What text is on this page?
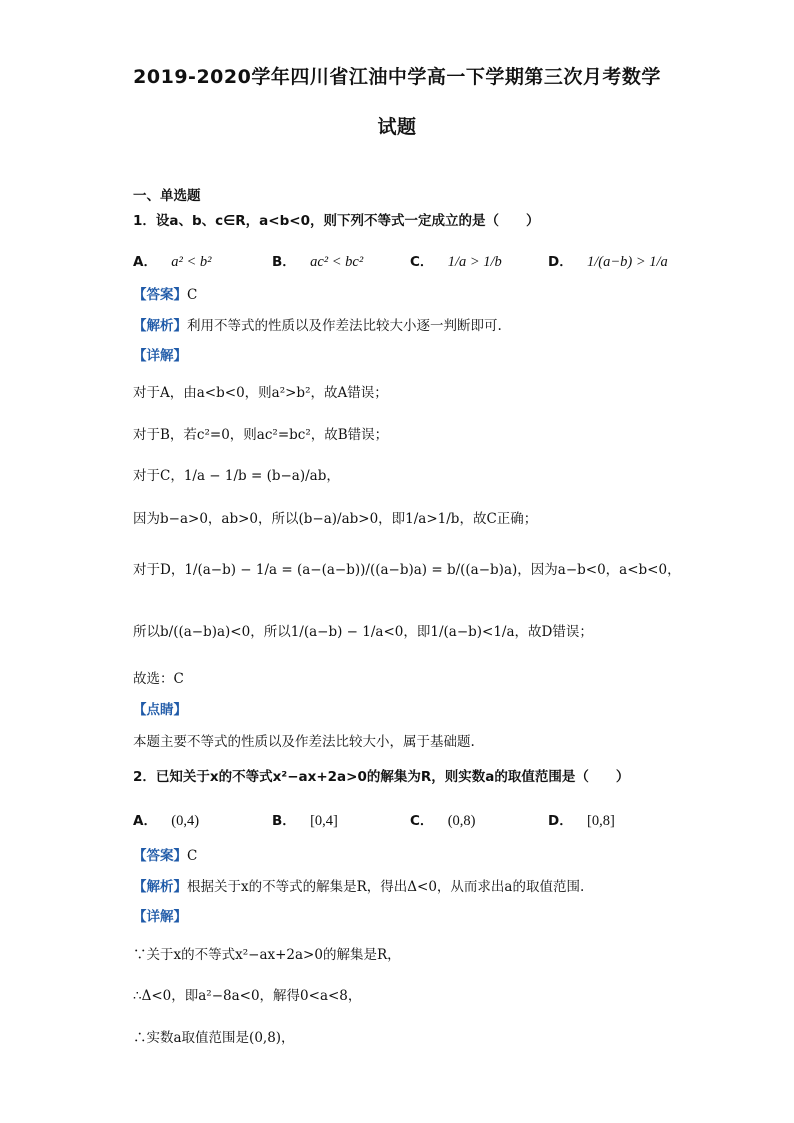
2019-2020学年四川省江油中学高一下学期第三次月考数学
试题
一、单选题
1．设a、b、c∈R，a<b<0，则下列不等式一定成立的是（　　）
A． a² < b²	B． ac² < bc²	C． 1/a > 1/b	D． 1/(a−b) > 1/a
【答案】C
【解析】利用不等式的性质以及作差法比较大小逐一判断即可.
【详解】
对于A，由a<b<0，则a²>b²，故A错误；
对于B，若c²=0，则ac²=bc²，故B错误；
对于C，1/a − 1/b = (b−a)/ab，
因为b−a>0，ab>0，所以(b−a)/ab>0，即1/a>1/b，故C正确；
对于D，1/(a−b) − 1/a = (a−(a−b))/((a−b)a) = b/((a−b)a)，因为a−b<0，a<b<0，
所以b/((a−b)a)<0，所以1/(a−b) − 1/a<0，即1/(a−b)<1/a，故D错误；
故选：C
【点睛】
本题主要不等式的性质以及作差法比较大小，属于基础题.
2．已知关于x的不等式x²−ax+2a>0的解集为R，则实数a的取值范围是（　　）
A． (0,4)	B． [0,4]	C． (0,8)	D． [0,8]
【答案】C
【解析】根据关于x的不等式的解集是R，得出Δ<0，从而求出a的取值范围.
【详解】
∵关于x的不等式x²−ax+2a>0的解集是R，
∴Δ<0，即a²−8a<0，解得0<a<8，
∴实数a取值范围是(0,8)，
